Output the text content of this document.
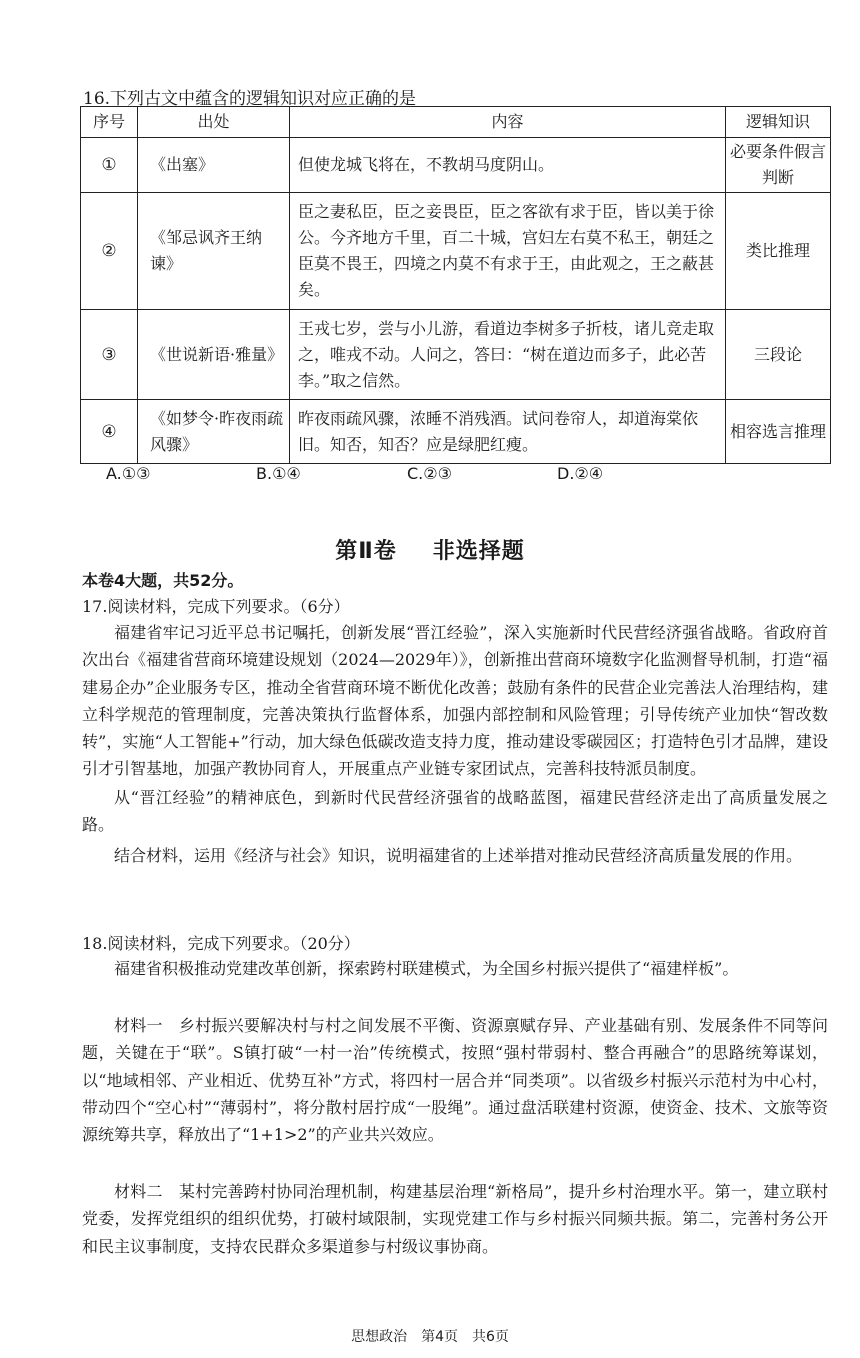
16.下列古文中蕴含的逻辑知识对应正确的是
序号	出处	内容	逻辑知识
①	《出塞》	但使龙城飞将在，不教胡马度阴山。	必要条件假言判断
②	《邹忌讽齐王纳谏》	臣之妻私臣，臣之妾畏臣，臣之客欲有求于臣，皆以美于徐公。今齐地方千里，百二十城，宫妇左右莫不私王，朝廷之臣莫不畏王，四境之内莫不有求于王，由此观之，王之蔽甚矣。	类比推理
③	《世说新语·雅量》	王戎七岁，尝与小儿游，看道边李树多子折枝，诸儿竞走取之，唯戎不动。人问之，答曰：“树在道边而多子，此必苦李。”取之信然。	三段论
④	《如梦令·昨夜雨疏风骤》	昨夜雨疏风骤，浓睡不消残酒。试问卷帘人，却道海棠依旧。知否，知否？应是绿肥红瘦。	相容选言推理
A.①③	B.①④	C.②③	D.②④
第Ⅱ卷 非选择题
本卷4大题，共52分。
17.阅读材料，完成下列要求。（6分）
福建省牢记习近平总书记嘱托，创新发展“晋江经验”，深入实施新时代民营经济强省战略。省政府首次出台《福建省营商环境建设规划（2024—2029年）》，创新推出营商环境数字化监测督导机制，打造“福建易企办”企业服务专区，推动全省营商环境不断优化改善；鼓励有条件的民营企业完善法人治理结构，建立科学规范的管理制度，完善决策执行监督体系，加强内部控制和风险管理；引导传统产业加快“智改数转”，实施“人工智能+”行动，加大绿色低碳改造支持力度，推动建设零碳园区；打造特色引才品牌，建设引才引智基地，加强产教协同育人，开展重点产业链专家团试点，完善科技特派员制度。
从“晋江经验”的精神底色，到新时代民营经济强省的战略蓝图，福建民营经济走出了高质量发展之路。
结合材料，运用《经济与社会》知识，说明福建省的上述举措对推动民营经济高质量发展的作用。
18.阅读材料，完成下列要求。（20分）
福建省积极推动党建改革创新，探索跨村联建模式，为全国乡村振兴提供了“福建样板”。
材料一　乡村振兴要解决村与村之间发展不平衡、资源禀赋存异、产业基础有别、发展条件不同等问题，关键在于“联”。S镇打破“一村一治”传统模式，按照“强村带弱村、整合再融合”的思路统筹谋划，以“地域相邻、产业相近、优势互补”方式，将四村一居合并“同类项”。以省级乡村振兴示范村为中心村，带动四个“空心村”“薄弱村”，将分散村居拧成“一股绳”。通过盘活联建村资源，使资金、技术、文旅等资源统筹共享，释放出了“1+1>2”的产业共兴效应。
材料二　某村完善跨村协同治理机制，构建基层治理“新格局”，提升乡村治理水平。第一，建立联村党委，发挥党组织的组织优势，打破村域限制，实现党建工作与乡村振兴同频共振。第二，完善村务公开和民主议事制度，支持农民群众多渠道参与村级议事协商。
思想政治　第4页　共6页
